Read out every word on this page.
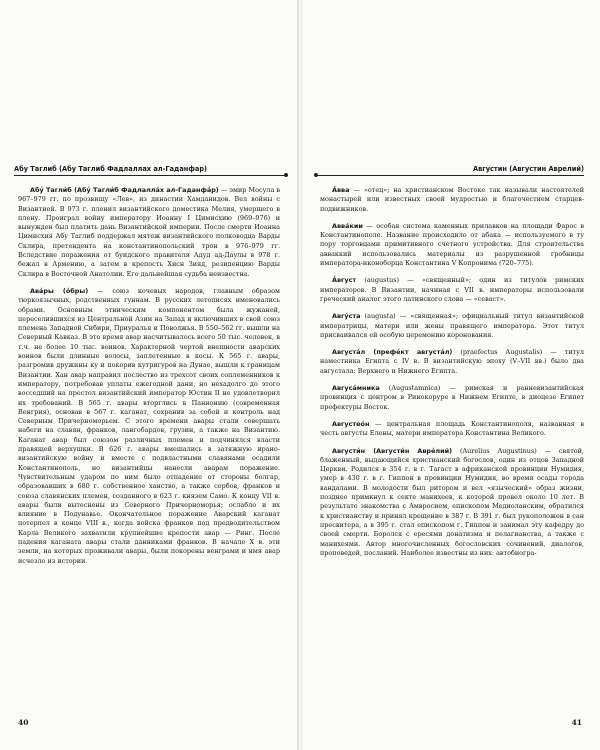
Абу Таглиб (Абу Таглиб Фадлаллах ал-Гаданфар)

Абу́ Тагли́б (Абу́ Тагли́б Фадлалла́х ал-Гаданфа́р) — эмир Мосула в 967–979 гг. по прозвищу «Лев», из династии Хамданидов. Вел войны с Византией. В 973 г. пленил византийского доместика Мелия, умершего в плену. Проиграл войну императору Иоанну I Цимисхию (969–976) и вынужден был платить дань Византийской империи. После смерти Иоанна Цимисхия Абу Таглиб поддержал мятеж византийского полководца Варды Склира, претендента на константинопольский трон в 976–979 гг. Вследствие поражения от буидского правителя Адуд ад-Даулы в 978 г. бежал в Армению, а затем в крепость Хисн Зияд, резиденцию Варды Склира в Восточной Анатолии. Его дальнейшая судьба неизвестна.

Ава́ры (о́бры) — союз кочевых народов, главным образом тюркоязычных, родственных гуннам. В русских летописях именовались обрами. Основным этническим компонентом была жужаней, переселившихся из Центральной Азии на Запад и включивших в свой союз племена Западной Сибири, Приуралья и Поволжья. В 550–562 гг. вышли на Северный Кавказ. В это время авар насчитывалось всего 50 тыс. человек, в т.ч. не более 10 тыс. воинов. Характерной чертой внешности аварских воинов были длинные волосы, заплетенные в косы. К 565 г. авары, разгромив дружины ку и покорив кутригуров на Дунае, вышли к границам Византии. Хан авар направил послество из трехсот своих соплеменников к императору, потребовав уплаты ежегодной дани, но нехадолго до этого восседший на престол византийский император Юстин II не удовлетворил их требований. В 565 г. авары вторглись в Паннонию (современная Венгрия), основав в 567 г. каганат, сохранив за собой и контроль над Северным Причерноморьем. С этого времени авары стали совершать набеги на славян, франков, лангобардов, грузин, а также на Византию. Каганат авар был союзом различных племен и подчинялся власти правящей верхушки. В 626 г. авары вмешались в затяжную ирано-византийскую войну и вместе с подвластными славянами осадили Константинополь, но византийцы нанесли аварам поражение. Чувствительным ударом по ним было отпадение от стороны болгар, образовавших в 680 г. собственное ханство, а также сербов, франков и союза славянских племен, созданного в 623 г. князем Само. К концу VII в. авары были вытеснены из Северного Причерноморья; ослабло и их влияние в Подунавье. Окончательное поражение Аварский каганат потерпел в конце VIII в., когда войска франков под предводительством Карла Великого захватили крупнейшие крепости авар — Ринг. После падения каганата авары стали данниками франков. В начале X в. эти земли, на которых проживали авары, были покорены венграми и имя авар исчезло из истории.

40
Августин (Августин Аврелий)

А́вва — «отец»; на христианском Востоке так называли настоятелей монастырей или известных своей мудростью и благочестием старцев-подвижников.

Авва́кии — особая система каменных прилавков на площади Фарос в Константинополе. Название происходило от абака — используемого в ту пору торговцами примитивного счетного устройства. Для строительства авваккий использовались материалы из разрушенной гробницы императора-иконоборца Константина V Копронима (720–775).

А́вгуст (augustus) — «священный»; один из титулов римских императоров. В Византии, начиная с VII в. императоры использовали греческий аналог этого латинского слова — «севаст».

Авгу́ста (augusta) — «священная»; официальный титул византийской императрицы, матери или жены правящего императора. Этот титул присваивался ей особую церемонию коронования.

Августа́л (префе́кт августа́л) (praefectus Augustalis) — титул наместника Египта с IV в. В византийскую эпоху (V–VII вв.) было два августала: Верхнего и Нижнего Египта.

Авгуса́мника (Augustamnica) — римская и ранневизантийская провинция с центром в Ринокоруре в Нижнем Египте, в диоцезе Египет префектуры Восток.

Августео́н — центральная площадь Константинополя, названная в честь августы Елены, матери императора Константина Великого.

Августи́н (Августи́н Авре́лий) (Aurelius Augustinus) — святой, блаженный, выдающийся христианский богослов, один из отцов Западной Церкви. Родился в 354 г. в г. Тагаст в африканской провинции Нумидия, умер в 430 г. в г. Гиппон в провинции Нумидия, во время осады города вандалами. В молодости был ритором и вел «языческий» образ жизни, позднее примкнул к секте манихеев, к которой провел около 10 лет. В результате знакомства с Амвросием, епископом Медиоланским, обратился к христианству и принял крещение в 387 г. В 391 г. был рукоположен в сан пресвитера, а в 395 г. стал епископом г. Гиппон и занимал эту кафедру до своей смерти. Боролся с ересями донатизма и пелагианства, а также с манихеями. Автор многочисленных богословских сочинений, диалогов, проповедей, посланий. Наиболее известны из них: автобиогра-

41
